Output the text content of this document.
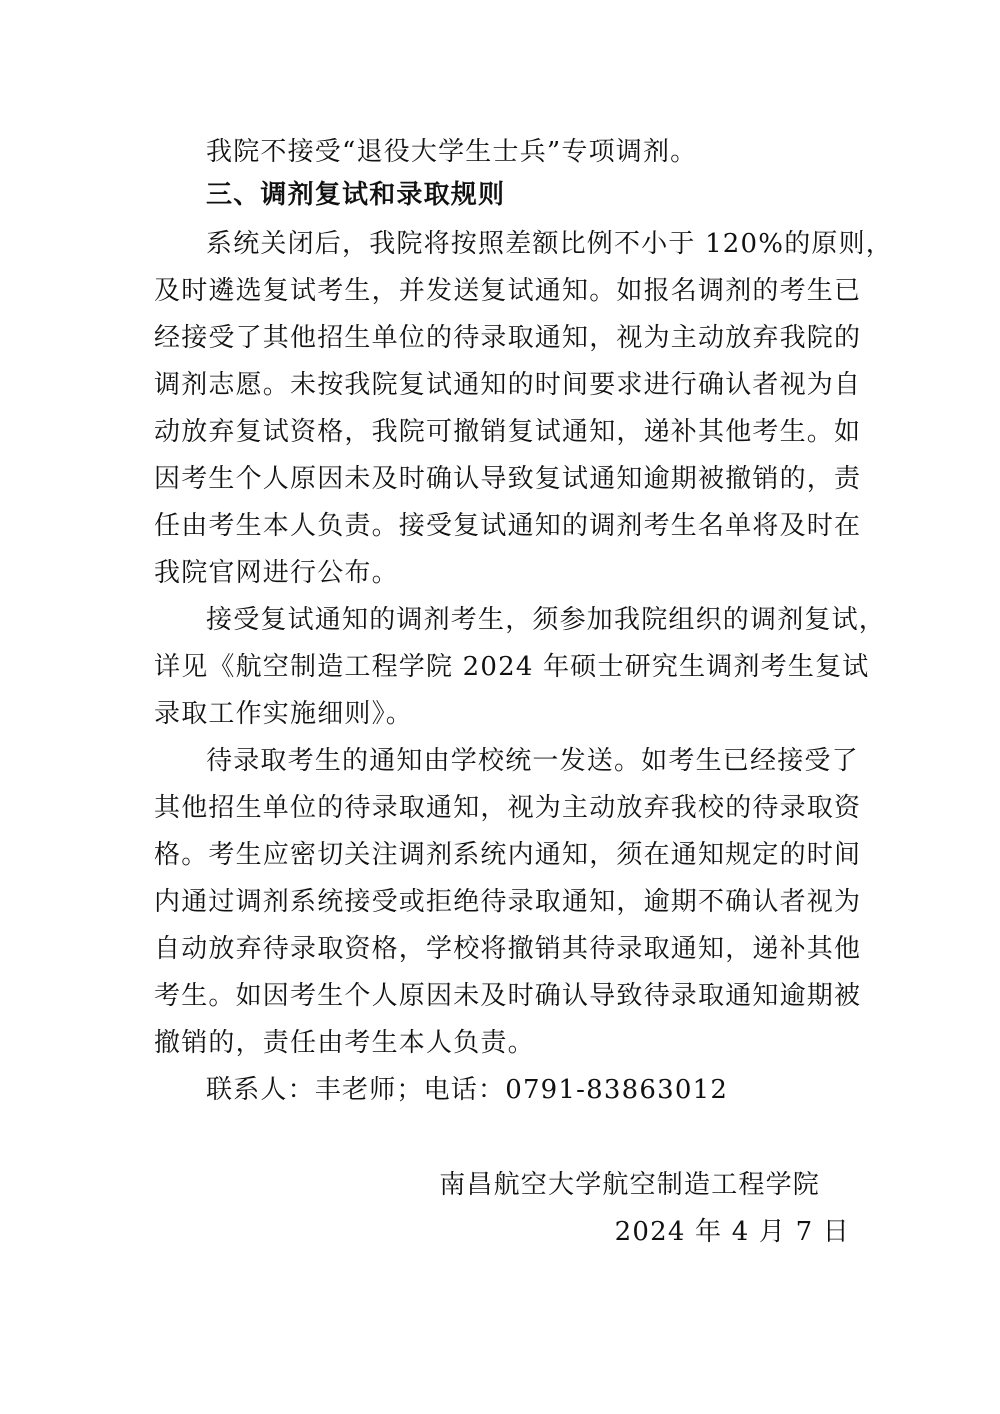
我院不接受“退役大学生士兵”专项调剂。
三、调剂复试和录取规则
系统关闭后，我院将按照差额比例不小于 120%的原则，
及时遴选复试考生，并发送复试通知。如报名调剂的考生已
经接受了其他招生单位的待录取通知，视为主动放弃我院的
调剂志愿。未按我院复试通知的时间要求进行确认者视为自
动放弃复试资格，我院可撤销复试通知，递补其他考生。如
因考生个人原因未及时确认导致复试通知逾期被撤销的，责
任由考生本人负责。接受复试通知的调剂考生名单将及时在
我院官网进行公布。
接受复试通知的调剂考生，须参加我院组织的调剂复试，
详见《航空制造工程学院 2024 年硕士研究生调剂考生复试
录取工作实施细则》。
待录取考生的通知由学校统一发送。如考生已经接受了
其他招生单位的待录取通知，视为主动放弃我校的待录取资
格。考生应密切关注调剂系统内通知，须在通知规定的时间
内通过调剂系统接受或拒绝待录取通知，逾期不确认者视为
自动放弃待录取资格，学校将撤销其待录取通知，递补其他
考生。如因考生个人原因未及时确认导致待录取通知逾期被
撤销的，责任由考生本人负责。
联系人：丰老师；电话：0791-83863012
南昌航空大学航空制造工程学院
2024 年 4 月 7 日
